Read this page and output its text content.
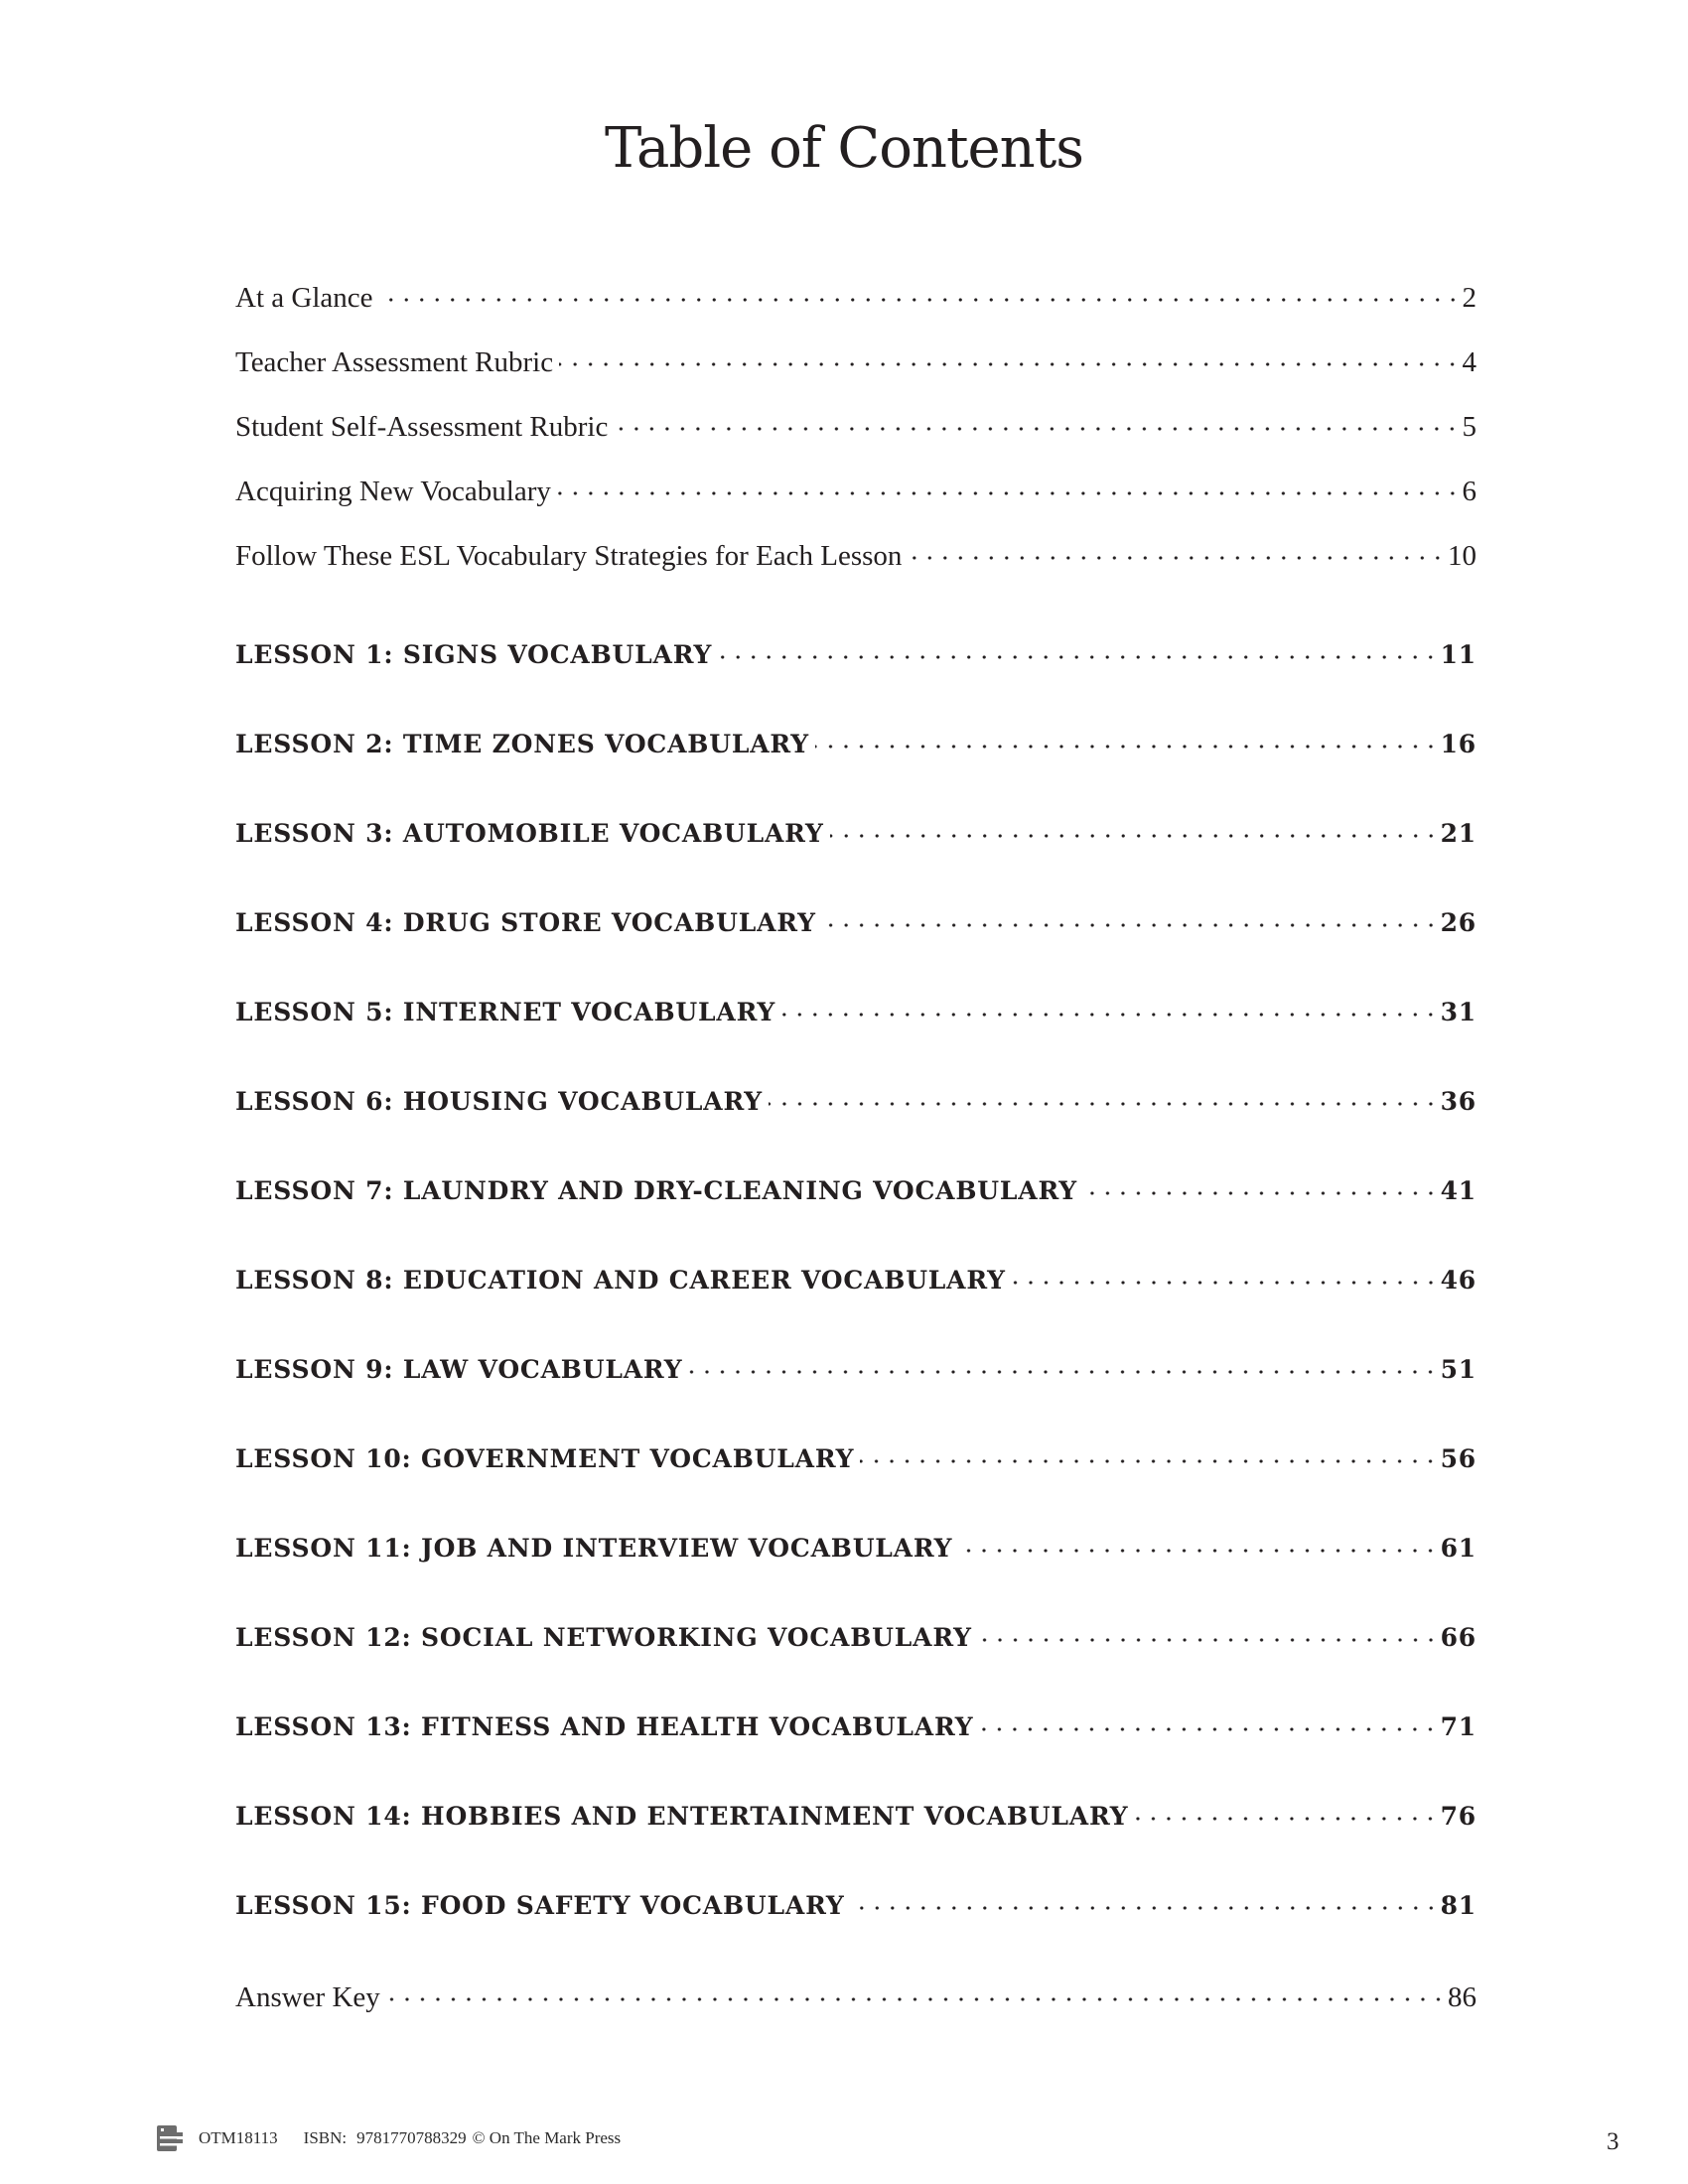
Table of Contents
At a Glance	2
Teacher Assessment Rubric	4
Student Self-Assessment Rubric	5
Acquiring New Vocabulary	6
Follow These ESL Vocabulary Strategies for Each Lesson	10
LESSON 1: SIGNS VOCABULARY	11
LESSON 2: TIME ZONES VOCABULARY	16
LESSON 3: AUTOMOBILE VOCABULARY	21
LESSON 4: DRUG STORE VOCABULARY	26
LESSON 5: INTERNET VOCABULARY	31
LESSON 6: HOUSING VOCABULARY	36
LESSON 7: LAUNDRY AND DRY-CLEANING VOCABULARY	41
LESSON 8: EDUCATION AND CAREER VOCABULARY	46
LESSON 9: LAW VOCABULARY	51
LESSON 10: GOVERNMENT VOCABULARY	56
LESSON 11: JOB AND INTERVIEW VOCABULARY	61
LESSON 12: SOCIAL NETWORKING VOCABULARY	66
LESSON 13: FITNESS AND HEALTH VOCABULARY	71
LESSON 14: HOBBIES AND ENTERTAINMENT VOCABULARY	76
LESSON 15: FOOD SAFETY VOCABULARY	81
Answer Key	86
OTM18113 ISBN: 9781770788329 © On The Mark Press	3
